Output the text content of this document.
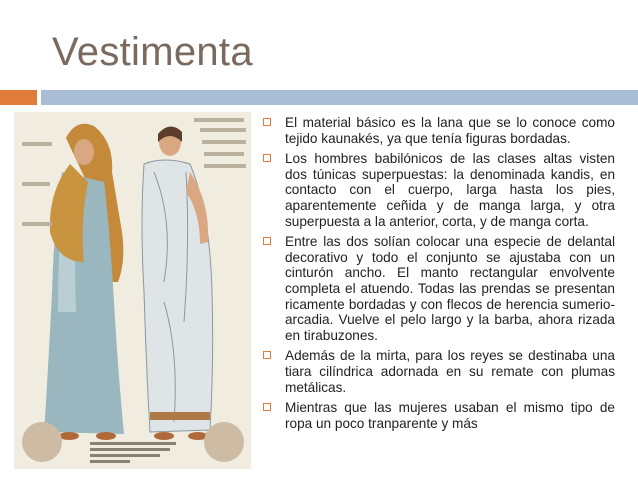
Vestimenta
El material básico es la lana que se lo conoce como tejido kaunakés, ya que tenía figuras bordadas.
Los hombres babilónicos de las clases altas visten dos túnicas superpuestas: la denominada kandis, en contacto con el cuerpo, larga hasta los pies, aparentemente ceñida y de manga larga, y otra superpuesta a la anterior, corta, y de manga corta.
Entre las dos solían colocar una especie de delantal decorativo y todo el conjunto se ajustaba con un cinturón ancho. El manto rectangular envolvente completa el atuendo. Todas las prendas se presentan ricamente bordadas y con flecos de herencia sumerio-arcadia. Vuelve el pelo largo y la barba, ahora rizada en tirabuzones.
Además de la mirta, para los reyes se destinaba una tiara cilíndrica adornada en su remate con plumas metálicas.
Mientras que las mujeres usaban el mismo tipo de ropa un poco tranparente y más
